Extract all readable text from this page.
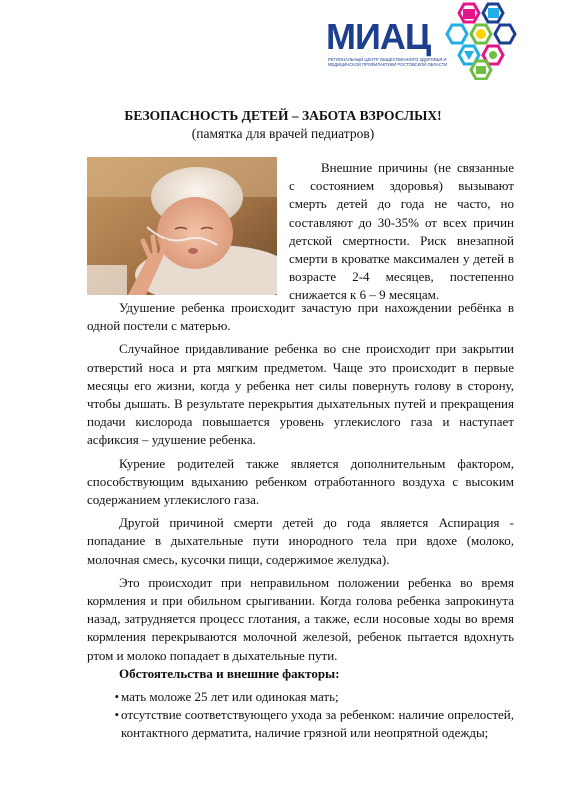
МИАЦ
РЕГИОНАЛЬНЫЙ ЦЕНТР ОБЩЕСТВЕННОГО ЗДОРОВЬЯ И МЕДИЦИНСКОЙ ПРОФИЛАКТИКИ РОСТОВСКОЙ ОБЛАСТИ
БЕЗОПАСНОСТЬ ДЕТЕЙ – ЗАБОТА ВЗРОСЛЫХ!
(памятка для врачей педиатров)

Внешние причины (не связанные с состоянием здоровья) вызывают смерть детей до года не часто, но составляют до 30-35% от всех причин детской смертности. Риск внезапной смерти в кроватке максимален у детей в возрасте 2-4 месяцев, постепенно снижается к 6 – 9 месяцам.

Удушение ребенка происходит зачастую при нахождении ребёнка в одной постели с матерью.

Случайное придавливание ребенка во сне происходит при закрытии отверстий носа и рта мягким предметом. Чаще это происходит в первые месяцы его жизни, когда у ребенка нет силы повернуть голову в сторону, чтобы дышать. В результате перекрытия дыхательных путей и прекращения подачи кислорода повышается уровень углекислого газа и наступает асфиксия – удушение ребенка.

Курение родителей также является дополнительным фактором, способствующим вдыханию ребенком отработанного воздуха с высоким содержанием углекислого газа.

Другой причиной смерти детей до года является Аспирация - попадание в дыхательные пути инородного тела при вдохе (молоко, молочная смесь, кусочки пищи, содержимое желудка).

Это происходит при неправильном положении ребенка во время кормления и при обильном срыгивании. Когда голова ребенка запрокинута назад, затрудняется процесс глотания, а также, если носовые ходы во время кормления перекрываются молочной железой, ребенок пытается вдохнуть ртом и молоко попадает в дыхательные пути.

Обстоятельства и внешние факторы:

• мать моложе 25 лет или одинокая мать;
• отсутствие соответствующего ухода за ребенком: наличие опрелостей, контактного дерматита, наличие грязной или неопрятной одежды;
